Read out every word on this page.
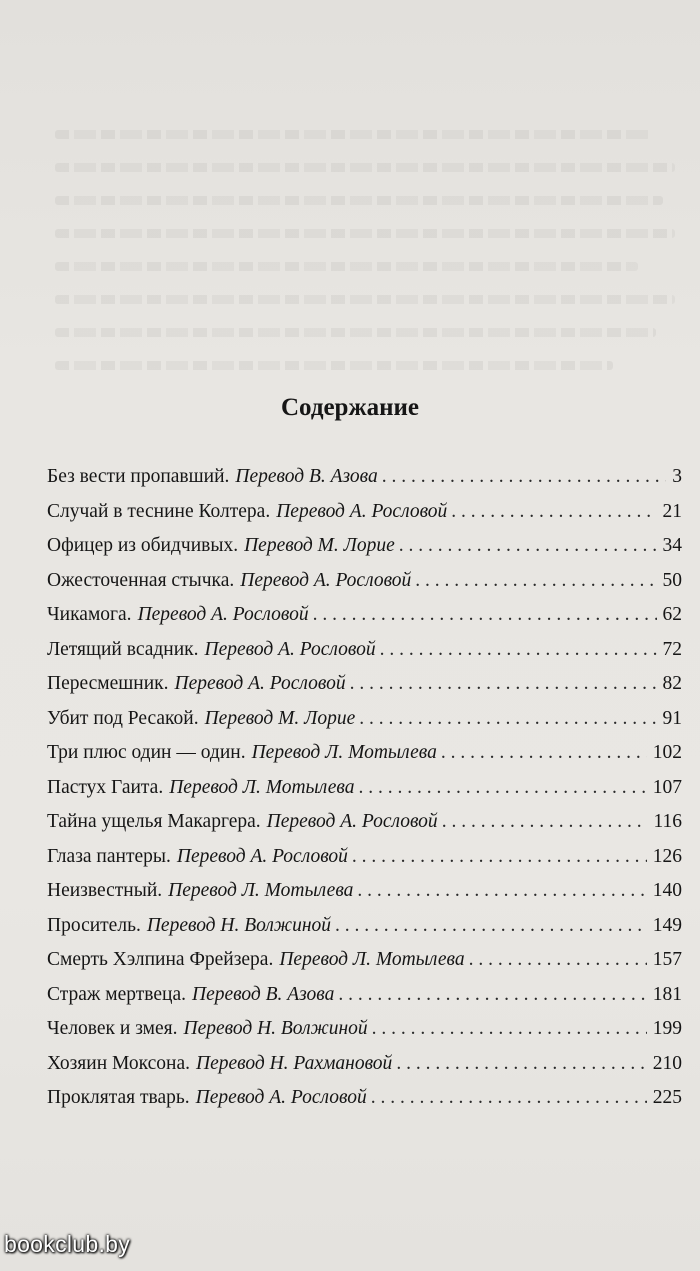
Содержание
Без вести пропавший. Перевод В. Азова . . .	3
Случай в теснине Колтера. Перевод А. Рословой . . .	21
Офицер из обидчивых. Перевод М. Лорие . . .	34
Ожесточенная стычка. Перевод А. Рословой . . .	50
Чикамога. Перевод А. Рословой . . .	62
Летящий всадник. Перевод А. Рословой . . .	72
Пересмешник. Перевод А. Рословой . . .	82
Убит под Ресакой. Перевод М. Лорие . . .	91
Три плюс один — один. Перевод Л. Мотылева . . .	102
Пастух Гаита. Перевод Л. Мотылева . . .	107
Тайна ущелья Макаргера. Перевод А. Рословой . . .	116
Глаза пантеры. Перевод А. Рословой . . .	126
Неизвестный. Перевод Л. Мотылева . . .	140
Проситель. Перевод Н. Волжиной . . .	149
Смерть Хэлпина Фрейзера. Перевод Л. Мотылева . . .	157
Страж мертвеца. Перевод В. Азова . . .	181
Человек и змея. Перевод Н. Волжиной . . .	199
Хозяин Моксона. Перевод Н. Рахмановой . . .	210
Проклятая тварь. Перевод А. Рословой . . .	225
bookclub.by
